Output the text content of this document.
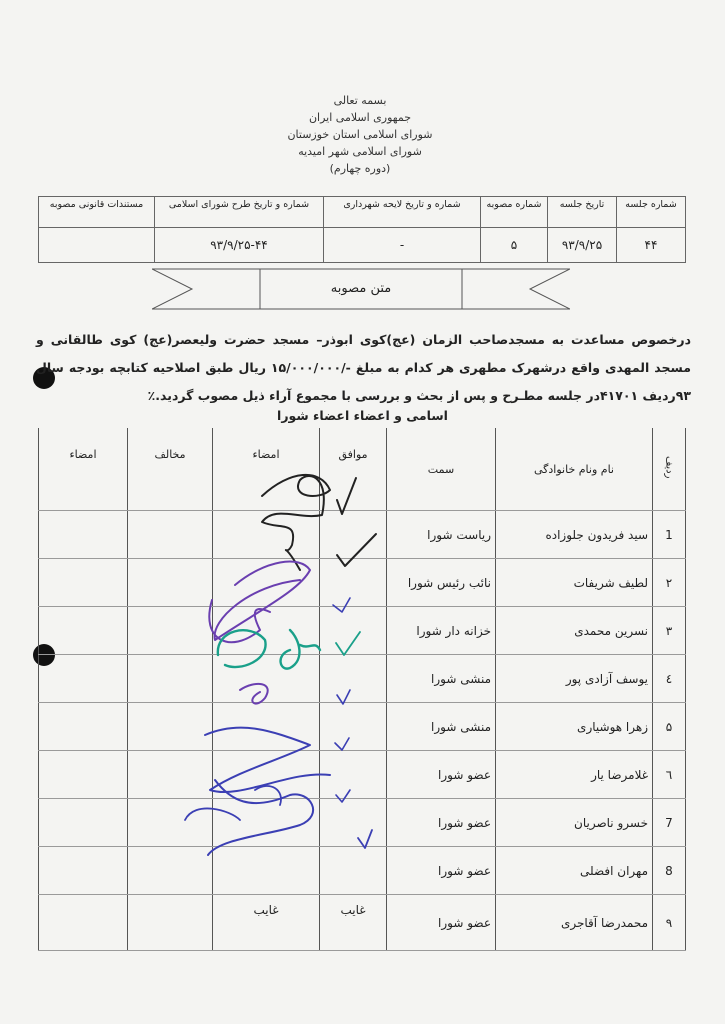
بسمه تعالی
جمهوری اسلامی ایران
شورای اسلامی استان خوزستان
شورای اسلامی شهر امیدیه
(دوره چهارم)
شماره جلسه	تاریخ جلسه	شماره مصوبه	شماره و تاریخ لایحه شهرداری	شماره و تاریخ طرح شورای اسلامی	مستندات قانونی مصوبه
۴۴	۹۳/۹/۲۵	۵	-	۹۳/۹/۲۵-۴۴	
متن مصوبه
درخصوص مساعدت به مسجدصاحب الزمان (عج)کوی ابوذر– مسجد حضرت ولیعصر(عج) کوی طالقانی و مسجد المهدی واقع درشهرک مطهری هر کدام به مبلغ -/۱۵/۰۰۰/۰۰۰ ریال طبق اصلاحیه کتابچه بودجه سال ۹۳ردیف ۴۱۷۰۱در جلسه مطـرح و پس از بحث و بررسی با مجموع آراء ذیل مصوب گردید.٪
اسامی و اعضاء اعضاء شورا
ردیف	نام ونام خانوادگی	سمت	موافق	امضاء	مخالف	امضاء
1	سید فریدون جلوزاده	ریاست شورا				
۲	لطیف شریفات	نائب رئیس شورا				
۳	نسرین محمدی	خزانه دار شورا				
٤	یوسف آزادی پور	منشی شورا				
۵	زهرا هوشیاری	منشی شورا				
٦	غلامرضا یار	عضو شورا				
7	خسرو ناصریان	عضو شورا				
8	مهران افضلی	عضو شورا				
۹	محمدرضا آقاجری	عضو شورا	غایب	غایب		
